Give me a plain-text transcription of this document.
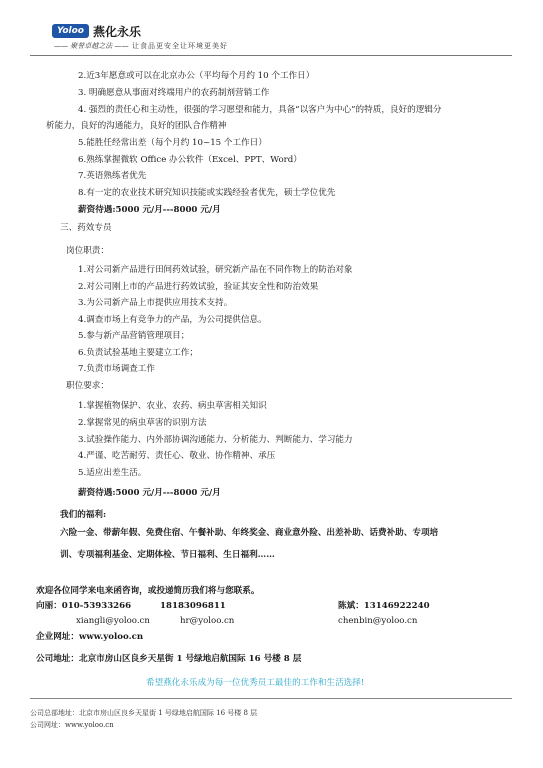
Yoloo 燕化永乐
—— 聚誉卓越之法 —— 让食品更安全让环境更美好
2.近3年愿意或可以在北京办公（平均每个月约 10 个工作日）
3. 明确愿意从事面对终端用户的农药制剂营销工作
4. 强烈的责任心和主动性，很强的学习愿望和能力，具备“以客户为中心”的特质，良好的逻辑分
析能力，良好的沟通能力，良好的团队合作精神
5.能胜任经常出差（每个月约 10~15 个工作日）
6.熟练掌握微软 Office 办公软件（Excel、PPT、Word）
7.英语熟练者优先
8.有一定的农业技术研究知识技能或实践经验者优先，硕士学位优先
薪资待遇:5000 元/月---8000 元/月
三、药效专员
岗位职责：
1.对公司新产品进行田间药效试验，研究新产品在不同作物上的防治对象
2.对公司刚上市的产品进行药效试验，验证其安全性和防治效果
3.为公司新产品上市提供应用技术支持。
4.调查市场上有竞争力的产品，为公司提供信息。
5.参与新产品营销管理项目；
6.负责试验基地主要建立工作；
7.负责市场调查工作
职位要求：
1.掌握植物保护、农业、农药、病虫草害相关知识
2.掌握常见的病虫草害的识别方法
3.试验操作能力、内外部协调沟通能力、分析能力、判断能力、学习能力
4.严谨、吃苦耐劳、责任心、敬业、协作精神、承压
5.适应出差生活。
薪资待遇:5000 元/月---8000 元/月
我们的福利:
六险一金、带薪年假、免费住宿、午餐补助、年终奖金、商业意外险、出差补助、话费补助、专项培
训、专项福利基金、定期体检、节日福利、生日福利……
欢迎各位同学来电来函咨询，或投递简历我们将与您联系。
向丽：010-53933266	18183096811	陈斌：13146922240
xiangli@yoloo.cn	hr@yoloo.cn	chenbin@yoloo.cn
企业网址：www.yoloo.cn
公司地址：北京市房山区良乡天星街 1 号绿地启航国际 16 号楼 8 层
希望燕化永乐成为每一位优秀员工最佳的工作和生活选择!
公司总部地址：北京市房山区良乡天星街 1 号绿地启航国际 16 号楼 8 层
公司网址：www.yoloo.cn
